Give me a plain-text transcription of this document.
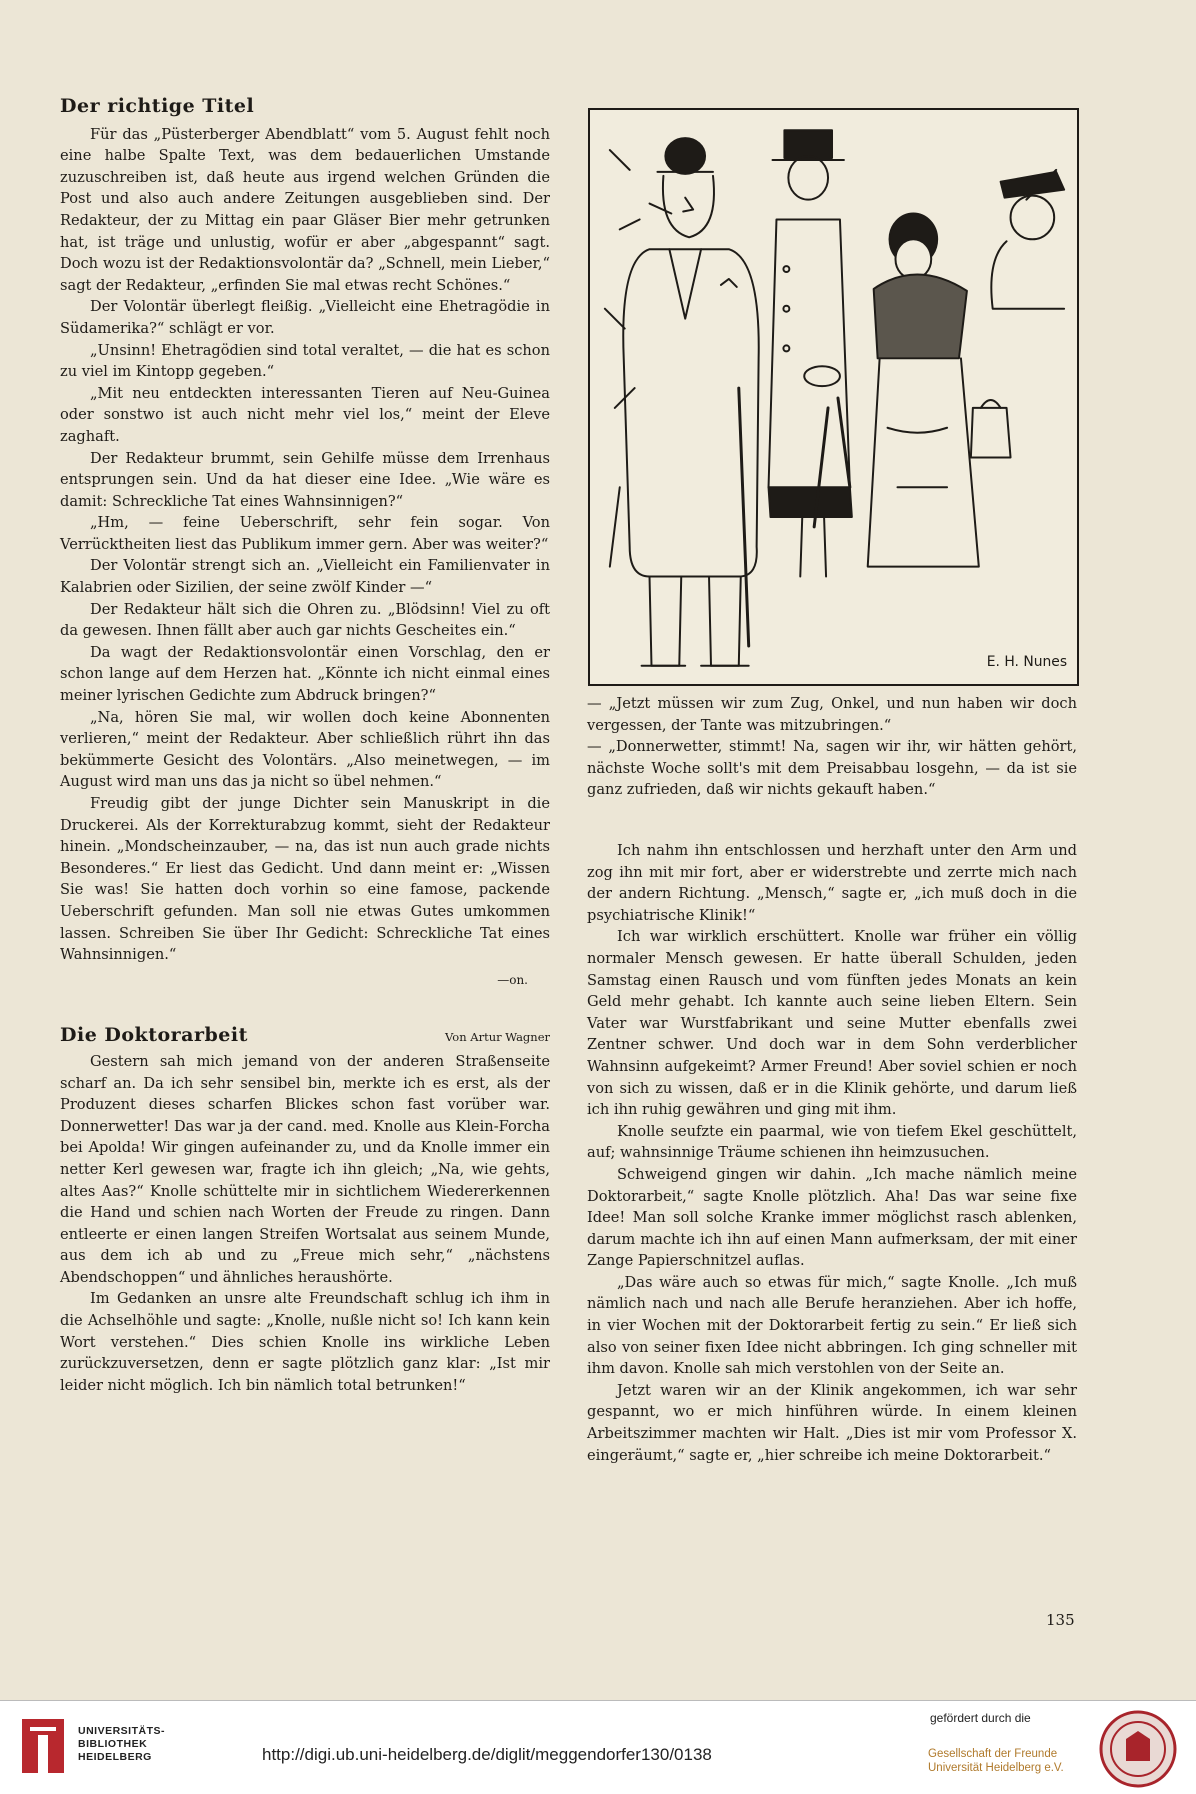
Der richtige Titel

Für das „Püsterberger Abendblatt“ vom 5. August fehlt noch eine halbe Spalte Text, was dem bedauerlichen Umstande zuzuschreiben ist, daß heute aus irgend welchen Gründen die Post und also auch andere Zeitungen ausgeblieben sind. Der Redakteur, der zu Mittag ein paar Gläser Bier mehr getrunken hat, ist träge und unlustig, wofür er aber „abgespannt“ sagt. Doch wozu ist der Redaktionsvolontär da? „Schnell, mein Lieber,“ sagt der Redakteur, „erfinden Sie mal etwas recht Schönes.“

Der Volontär überlegt fleißig. „Vielleicht eine Ehetragödie in Südamerika?“ schlägt er vor.

„Unsinn! Ehetragödien sind total veraltet, — die hat es schon zu viel im Kintopp gegeben.“

„Mit neu entdeckten interessanten Tieren auf Neu-Guinea oder sonstwo ist auch nicht mehr viel los,“ meint der Eleve zaghaft.

Der Redakteur brummt, sein Gehilfe müsse dem Irrenhaus entsprungen sein. Und da hat dieser eine Idee. „Wie wäre es damit: Schreckliche Tat eines Wahnsinnigen?“

„Hm, — feine Ueberschrift, sehr fein sogar. Von Verrücktheiten liest das Publikum immer gern. Aber was weiter?“

Der Volontär strengt sich an. „Vielleicht ein Familienvater in Kalabrien oder Sizilien, der seine zwölf Kinder —“

Der Redakteur hält sich die Ohren zu. „Blödsinn! Viel zu oft da gewesen. Ihnen fällt aber auch gar nichts Gescheites ein.“

Da wagt der Redaktionsvolontär einen Vorschlag, den er schon lange auf dem Herzen hat. „Könnte ich nicht einmal eines meiner lyrischen Gedichte zum Abdruck bringen?“

„Na, hören Sie mal, wir wollen doch keine Abonnenten verlieren,“ meint der Redakteur. Aber schließlich rührt ihn das bekümmerte Gesicht des Volontärs. „Also meinetwegen, — im August wird man uns das ja nicht so übel nehmen.“

Freudig gibt der junge Dichter sein Manuskript in die Druckerei. Als der Korrekturabzug kommt, sieht der Redakteur hinein. „Mondscheinzauber, — na, das ist nun auch grade nichts Besonderes.“ Er liest das Gedicht. Und dann meint er: „Wissen Sie was! Sie hatten doch vorhin so eine famose, packende Ueberschrift gefunden. Man soll nie etwas Gutes umkommen lassen. Schreiben Sie über Ihr Gedicht: Schreckliche Tat eines Wahnsinnigen.“

—on.
Die Doktorarbeit	Von Artur Wagner

Gestern sah mich jemand von der anderen Straßenseite scharf an. Da ich sehr sensibel bin, merkte ich es erst, als der Produzent dieses scharfen Blickes schon fast vorüber war. Donnerwetter! Das war ja der cand. med. Knolle aus Klein-Forcha bei Apolda! Wir gingen aufeinander zu, und da Knolle immer ein netter Kerl gewesen war, fragte ich ihn gleich; „Na, wie gehts, altes Aas?“ Knolle schüttelte mir in sichtlichem Wiedererkennen die Hand und schien nach Worten der Freude zu ringen. Dann entleerte er einen langen Streifen Wortsalat aus seinem Munde, aus dem ich ab und zu „Freue mich sehr,“ „nächstens Abendschoppen“ und ähnliches heraushörte.

Im Gedanken an unsre alte Freundschaft schlug ich ihm in die Achselhöhle und sagte: „Knolle, nußle nicht so! Ich kann kein Wort verstehen.“ Dies schien Knolle ins wirkliche Leben zurückzuversetzen, denn er sagte plötzlich ganz klar: „Ist mir leider nicht möglich. Ich bin nämlich total betrunken!“

E. H. Nunes

— „Jetzt müssen wir zum Zug, Onkel, und nun haben wir doch vergessen, der Tante was mitzubringen.“

— „Donnerwetter, stimmt! Na, sagen wir ihr, wir hätten gehört, nächste Woche sollt's mit dem Preisabbau losgehn, — da ist sie ganz zufrieden, daß wir nichts gekauft haben.“

Ich nahm ihn entschlossen und herzhaft unter den Arm und zog ihn mit mir fort, aber er widerstrebte und zerrte mich nach der andern Richtung. „Mensch,“ sagte er, „ich muß doch in die psychiatrische Klinik!“

Ich war wirklich erschüttert. Knolle war früher ein völlig normaler Mensch gewesen. Er hatte überall Schulden, jeden Samstag einen Rausch und vom fünften jedes Monats an kein Geld mehr gehabt. Ich kannte auch seine lieben Eltern. Sein Vater war Wurstfabrikant und seine Mutter ebenfalls zwei Zentner schwer. Und doch war in dem Sohn verderblicher Wahnsinn aufgekeimt? Armer Freund! Aber soviel schien er noch von sich zu wissen, daß er in die Klinik gehörte, und darum ließ ich ihn ruhig gewähren und ging mit ihm.

Knolle seufzte ein paarmal, wie von tiefem Ekel geschüttelt, auf; wahnsinnige Träume schienen ihn heimzusuchen.

Schweigend gingen wir dahin. „Ich mache nämlich meine Doktorarbeit,“ sagte Knolle plötzlich. Aha! Das war seine fixe Idee! Man soll solche Kranke immer möglichst rasch ablenken, darum machte ich ihn auf einen Mann aufmerksam, der mit einer Zange Papierschnitzel auflas.

„Das wäre auch so etwas für mich,“ sagte Knolle. „Ich muß nämlich nach und nach alle Berufe heranziehen. Aber ich hoffe, in vier Wochen mit der Doktorarbeit fertig zu sein.“ Er ließ sich also von seiner fixen Idee nicht abbringen. Ich ging schneller mit ihm davon. Knolle sah mich verstohlen von der Seite an.

Jetzt waren wir an der Klinik angekommen, ich war sehr gespannt, wo er mich hinführen würde. In einem kleinen Arbeitszimmer machten wir Halt. „Dies ist mir vom Professor X. eingeräumt,“ sagte er, „hier schreibe ich meine Doktorarbeit.“

135
UNIVERSITÄTS-
BIBLIOTHEK
HEIDELBERG	http://digi.ub.uni-heidelberg.de/diglit/meggendorfer130/0138
gefördert durch die
Gesellschaft der Freunde
Universität Heidelberg e.V.
